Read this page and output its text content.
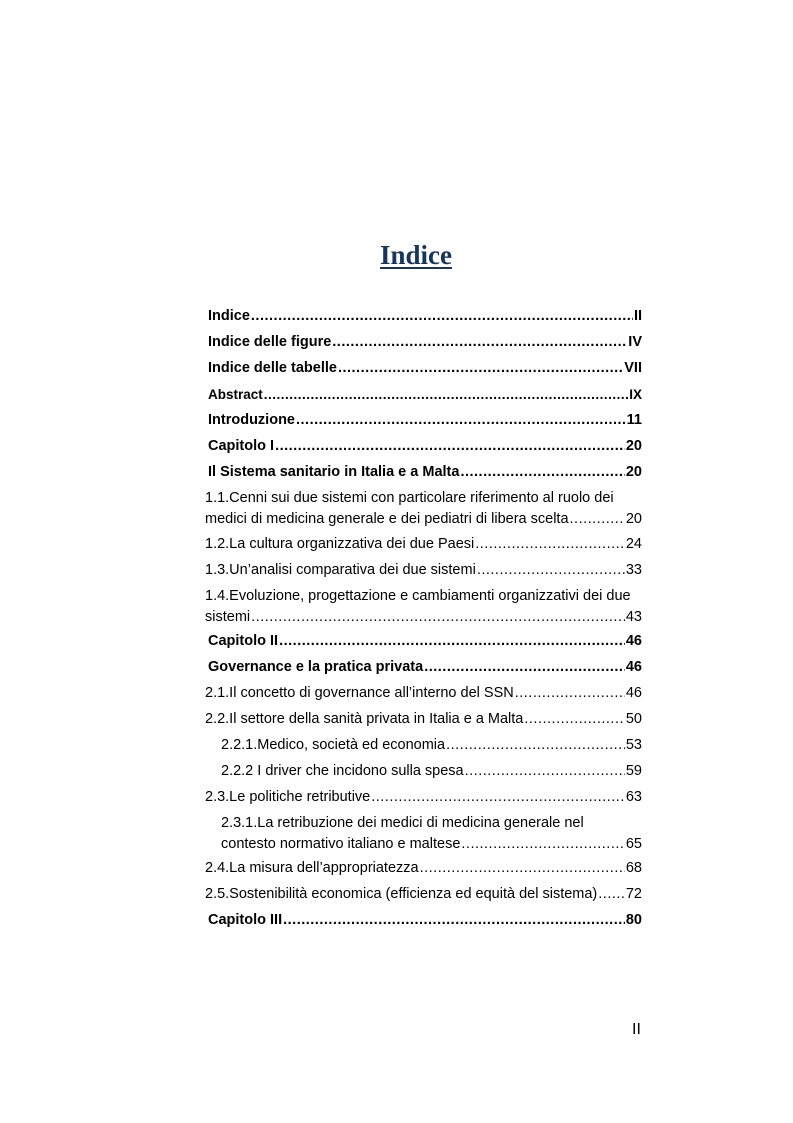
Indice
Indice .....	II
Indice delle figure .....	IV
Indice delle tabelle .....	VII
Abstract .....	IX
Introduzione .....	11
Capitolo I .....	20
Il Sistema sanitario in Italia e a Malta .....	20
1.1.Cenni sui due sistemi con particolare riferimento al ruolo dei
medici di medicina generale e dei pediatri di libera scelta .....	20
1.2.La cultura organizzativa dei due Paesi .....	24
1.3.Un’analisi comparativa dei due sistemi .....	33
1.4.Evoluzione, progettazione e cambiamenti organizzativi dei due
sistemi .....	43
Capitolo II .....	46
Governance e la pratica privata .....	46
2.1.Il concetto di governance all’interno del SSN .....	46
2.2.Il settore della sanità privata in Italia e a Malta .....	50
2.2.1.Medico, società ed economia .....	53
2.2.2 I driver che incidono sulla spesa .....	59
2.3.Le politiche retributive .....	63
2.3.1.La retribuzione dei medici di medicina generale nel
contesto normativo italiano e maltese .....	65
2.4.La misura dell’appropriatezza .....	68
2.5.Sostenibilità economica (efficienza ed equità del sistema) ..... 72
Capitolo III .....	80
II
